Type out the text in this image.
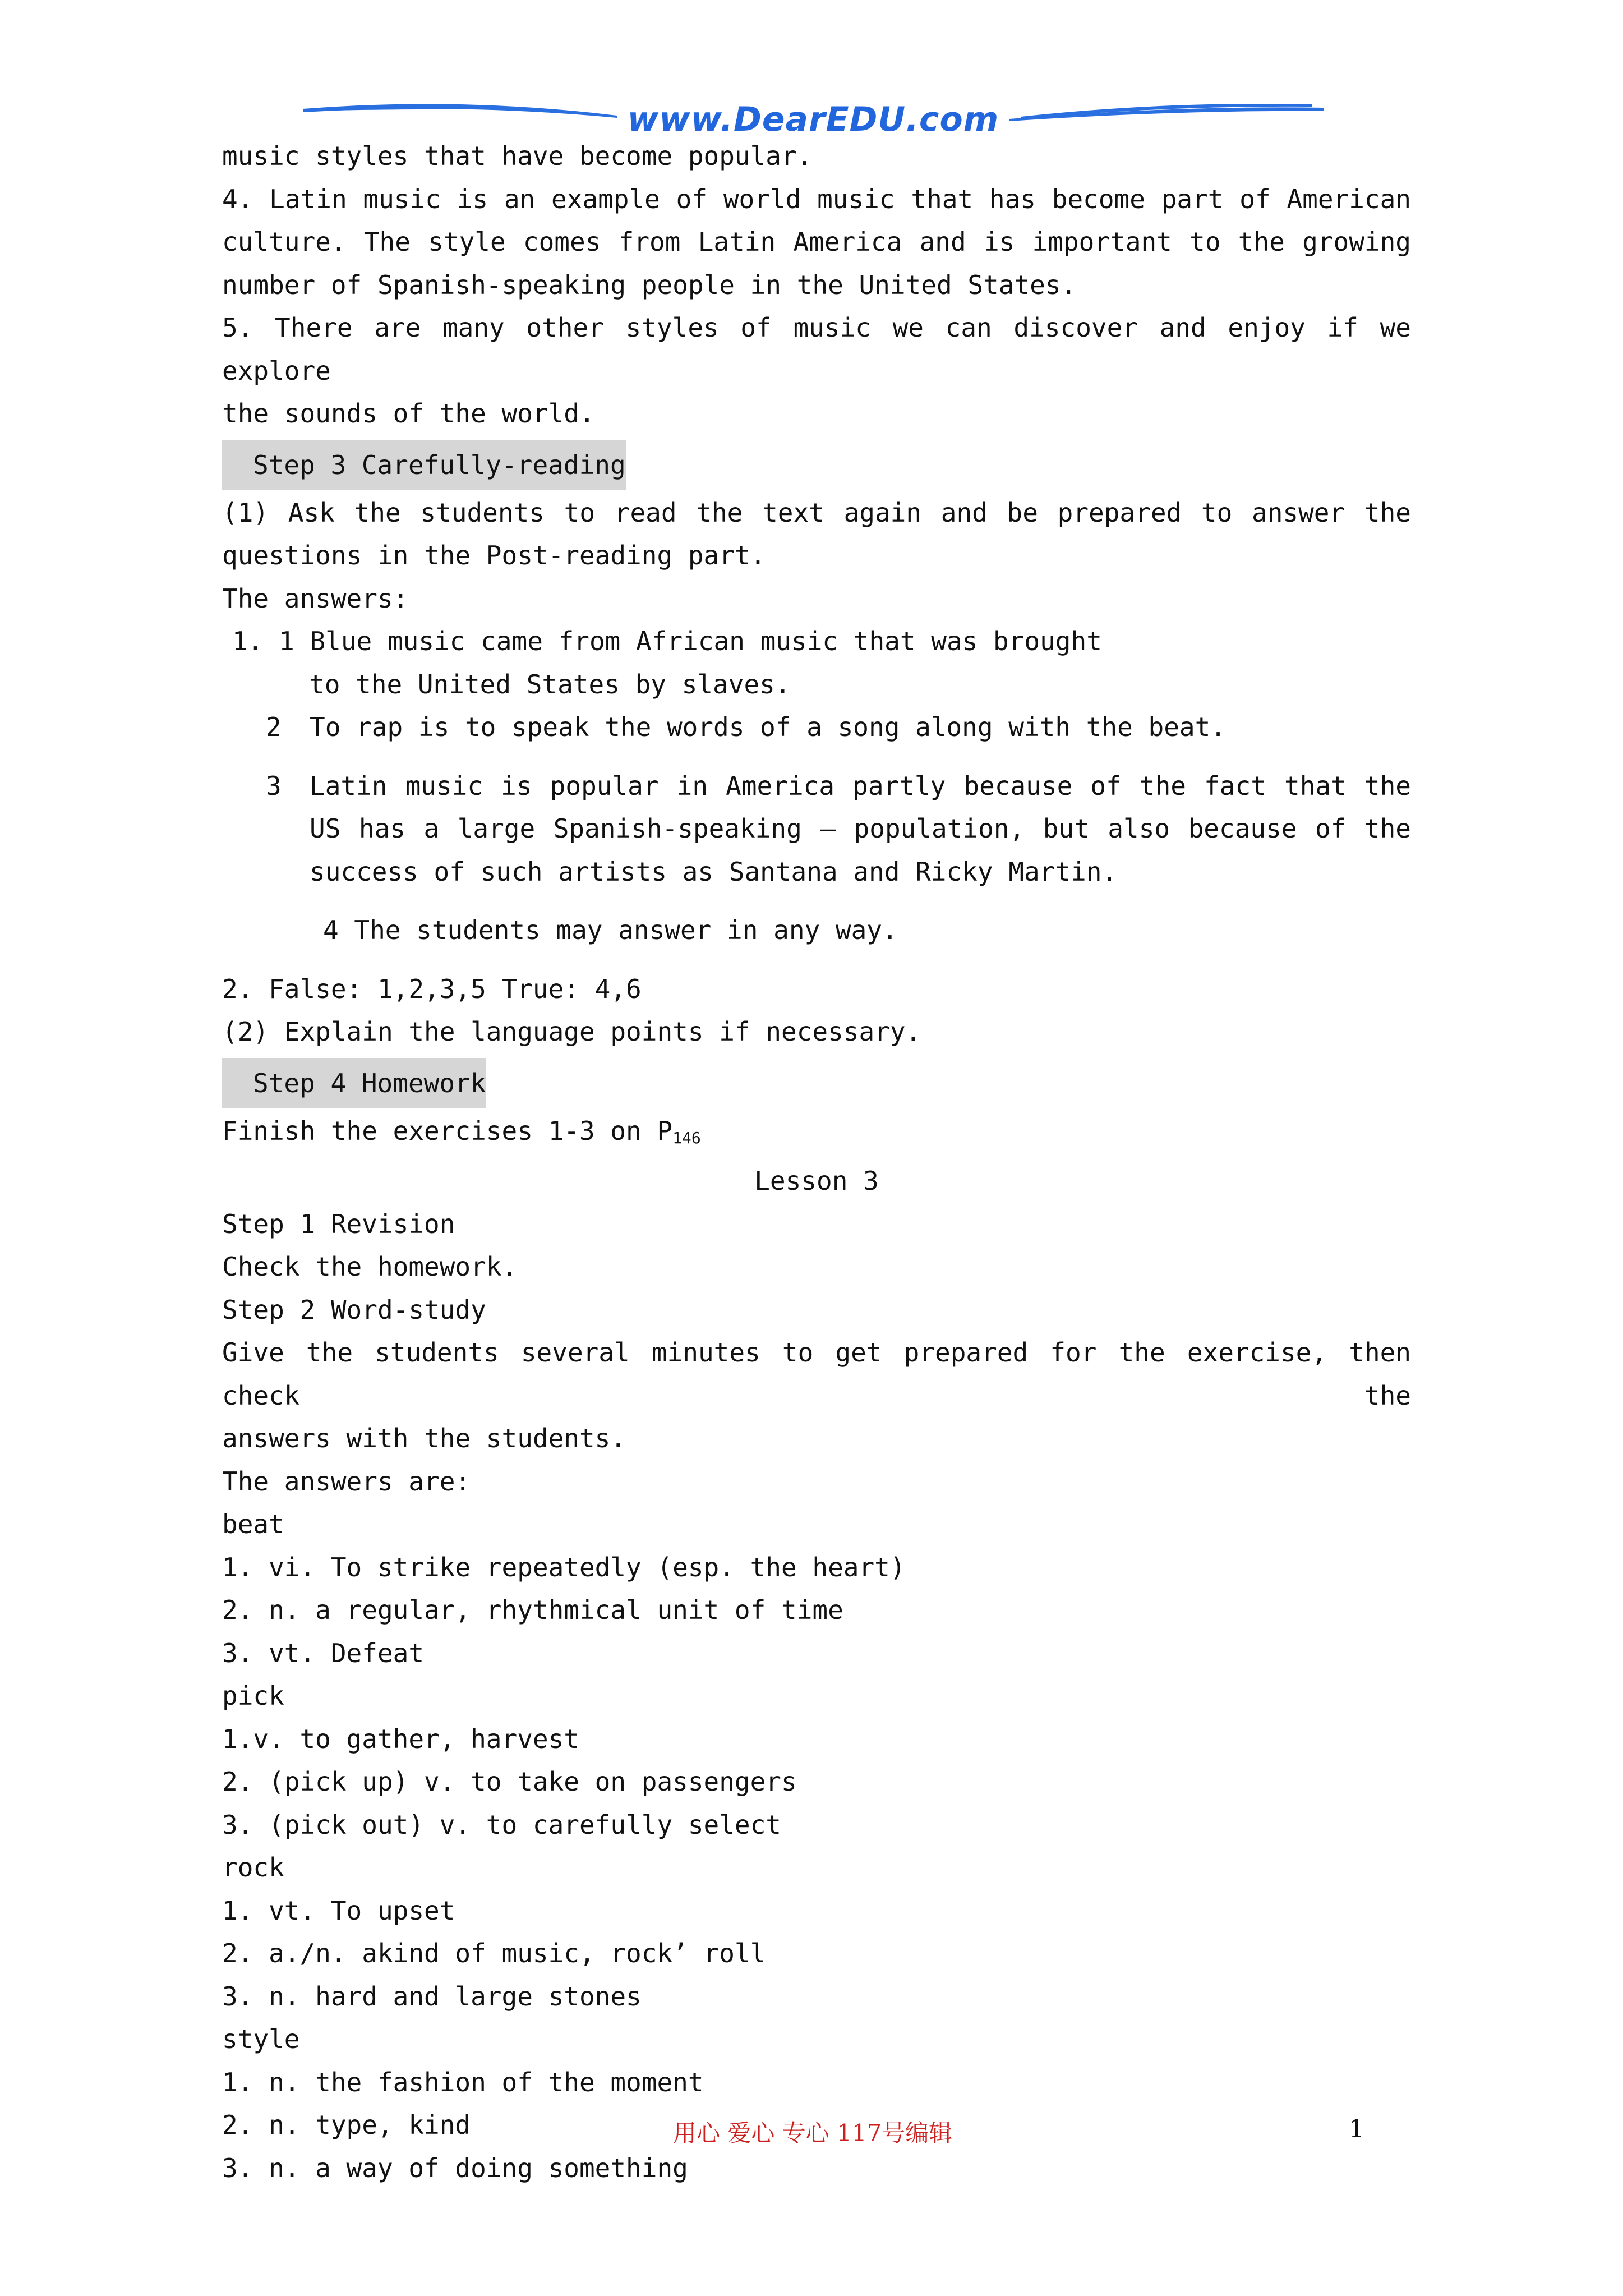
www.DearEDU.com
music styles that have become popular.
4. Latin music is an example of world music that has become part of American
culture. The style comes from Latin America and is important to the growing
number of Spanish-speaking people in the United States.
5. There are many other styles of music we can discover and enjoy if we explore
the sounds of the world.
Step 3 Carefully-reading
(1) Ask the students to read the text again and be prepared to answer the
questions in the Post-reading part.
The answers:
1. 1 Blue music came from African music that was brought
to the United States by slaves.
2 To rap is to speak the words of a song along with the beat.
3	Latin music is popular in America partly because of the fact that the US has a large Spanish-speaking – population, but also because of the success of such artists as Santana and Ricky Martin.
4 The students may answer in any way.
2. False: 1,2,3,5 True: 4,6
(2) Explain the language points if necessary.
Step 4 Homework
Finish the exercises 1-3 on $P_{146}$
Lesson 3
Step 1 Revision
Check the homework.
Step 2 Word-study
Give the students several minutes to get prepared for the exercise, then check the
answers with the students.
The answers are:
beat
1. vi. To strike repeatedly (esp. the heart)
2. n. a regular, rhythmical unit of time
3. vt. Defeat
pick
1.v. to gather, harvest
2. (pick up) v. to take on passengers
3. (pick out) v. to carefully select
rock
1. vt. To upset
2. a./n. akind of music, rock’ roll
3. n. hard and large stones
style
1. n. the fashion of the moment
2. n. type, kind
3. n. a way of doing something
用心 爱心 专心 117号编辑	1
